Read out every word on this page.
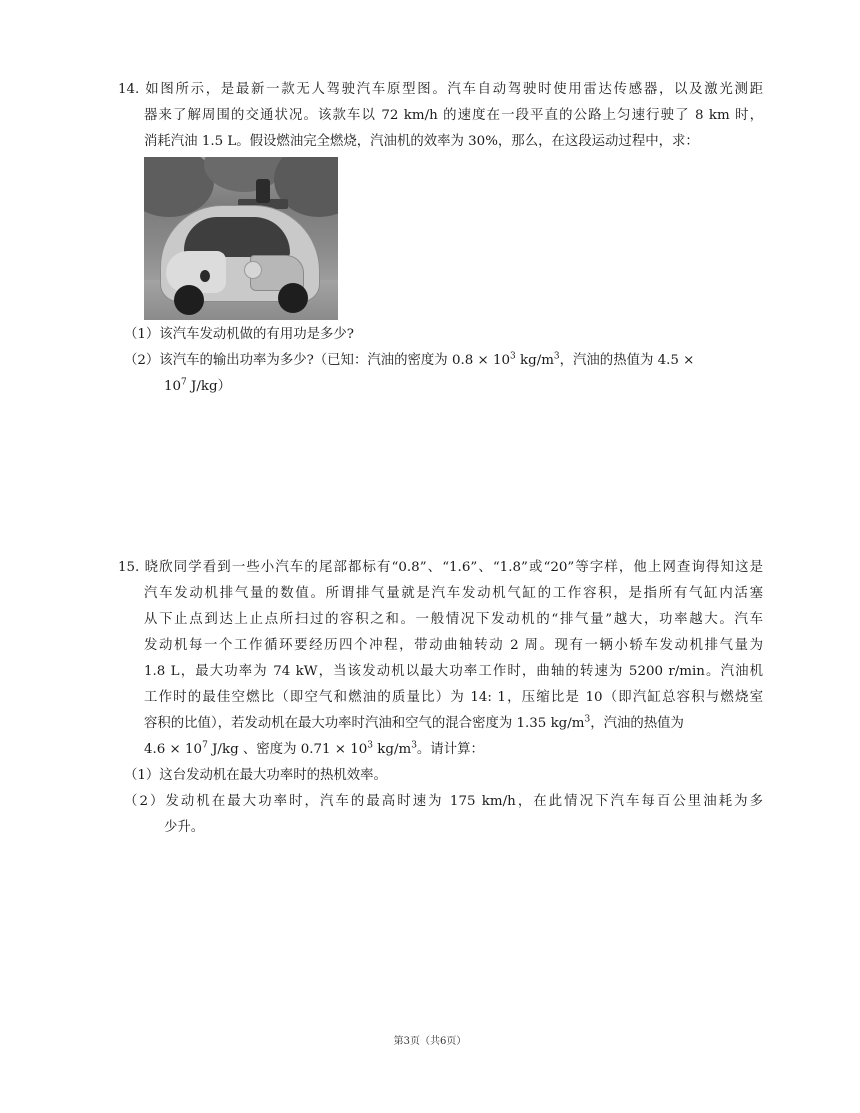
14. 如图所示，是最新一款无人驾驶汽车原型图。汽车自动驾驶时使用雷达传感器，以及激光测距
器来了解周围的交通状况。该款车以 72 km/h 的速度在一段平直的公路上匀速行驶了 8 km 时，
消耗汽油 1.5 L。假设燃油完全燃烧，汽油机的效率为 30%，那么，在这段运动过程中，求：
（1）该汽车发动机做的有用功是多少?
（2）该汽车的输出功率为多少?（已知：汽油的密度为 $0.8 \times 10^3$ $kg/m^3$，汽油的热值为 4.5 ×
$10^7$ J/kg）
15. 晓欣同学看到一些小汽车的尾部都标有“0.8”、“1.6”、“1.8”或“20”等字样，他上网查询得知这是
汽车发动机排气量的数值。所谓排气量就是汽车发动机气缸的工作容积，是指所有气缸内活塞
从下止点到达上止点所扫过的容积之和。一般情况下发动机的“排气量”越大，功率越大。汽车
发动机每一个工作循环要经历四个冲程，带动曲轴转动 2 周。现有一辆小轿车发动机排气量为
1.8 L，最大功率为 74 kW，当该发动机以最大功率工作时，曲轴的转速为 5200 r/min。汽油机
工作时的最佳空燃比（即空气和燃油的质量比）为 14: 1，压缩比是 10（即汽缸总容积与燃烧室
容积的比值），若发动机在最大功率时汽油和空气的混合密度为 1.35 $kg/m^3$，汽油的热值为
$4.6 \times 10^7$ J/kg 、密度为 $0.71 \times 10^3$ $kg/m^3$。请计算：
（1）这台发动机在最大功率时的热机效率。
（2）发动机在最大功率时，汽车的最高时速为 175 km/h，在此情况下汽车每百公里油耗为多
少升。
第3页（共6页）
